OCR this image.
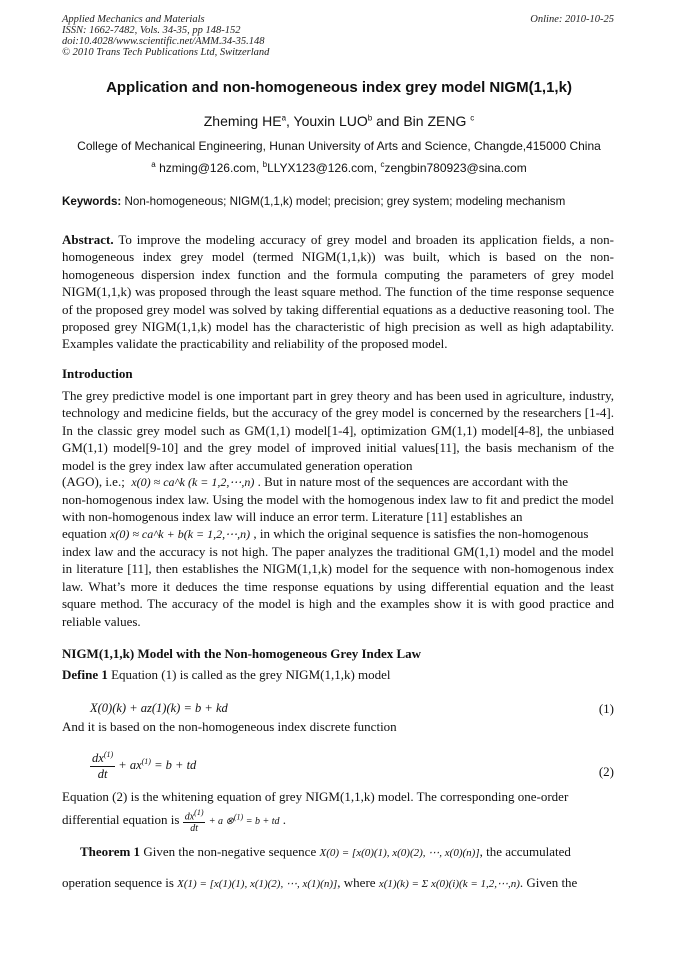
Applied Mechanics and Materials
ISSN: 1662-7482, Vols. 34-35, pp 148-152
doi:10.4028/www.scientific.net/AMM.34-35.148
© 2010 Trans Tech Publications Ltd, Switzerland
Online: 2010-10-25
Application and non-homogeneous index grey model NIGM(1,1,k)
Zheming $HE^a$, Youxin LUO$^b$ and Bin ZENG $^c$
College of Mechanical Engineering, Hunan University of Arts and Science, Changde,415000 China
$^a$ hzming@126.com, $^b$LLYX123@126.com, $^c$zengbin780923@sina.com
Keywords: Non-homogeneous; NIGM(1,1,k) model; precision; grey system; modeling mechanism
Abstract. To improve the modeling accuracy of grey model and broaden its application fields, a non-homogeneous index grey model (termed NIGM(1,1,k)) was built, which is based on the non-homogeneous dispersion index function and the formula computing the parameters of grey model NIGM(1,1,k) was proposed through the least square method. The function of the time response sequence of the proposed grey model was solved by taking differential equations as a deductive reasoning tool. The proposed grey NIGM(1,1,k) model has the characteristic of high precision as well as high adaptability. Examples validate the practicability and reliability of the proposed model.
Introduction
The grey predictive model is one important part in grey theory and has been used in agriculture, industry, technology and medicine fields, but the accuracy of the grey model is concerned by the researchers [1-4]. In the classic grey model such as GM(1,1) model[1-4], optimization GM(1,1) model[4-8], the unbiased GM(1,1) model[9-10] and the grey model of improved initial values[11], the basis mechanism of the model is the grey index law after accumulated generation operation
(AGO), i.e.; x(0) ≈ ca^k (k = 1,2,⋯,n) . But in nature most of the sequences are accordant with the
non-homogenous index law. Using the model with the homogenous index law to fit and predict the model with non-homogenous index law will induce an error term. Literature [11] establishes an
equation x(0) ≈ ca^k + b(k = 1,2,⋯,n) , in which the original sequence is satisfies the non-homogenous
index law and the accuracy is not high. The paper analyzes the traditional GM(1,1) model and the model in literature [11], then establishes the NIGM(1,1,k) model for the sequence with non-homogenous index law. What’s more it deduces the time response equations by using differential equation and the least square method. The accuracy of the model is high and the examples show it is with good practice and reliable values.
NIGM(1,1,k) Model with the Non-homogeneous Grey Index Law
Define 1 Equation (1) is called as the grey NIGM(1,1,k) model
X(0)(k) + az(1)(k) = b + kd	(1)
And it is based on the non-homogeneous index discrete function
$\frac{dx^{(1)}}{dt} + ax^{(1)} = b$ + td	(2)
Equation (2) is the whitening equation of grey NIGM(1,1,k) model. The corresponding one-order
differential equation is $\frac{dx^{(1)}}{dt} + a$ ⊗$^{(1)}$ = b + td .
Theorem 1 Given the non-negative sequence X(0) = [x(0)(1), x(0)(2), ⋯, x(0)(n)], the accumulated
operation sequence is X(1) = [x(1)(1), x(1)(2), ⋯, x(1)(n)], where x(1)(k) = Σ x(0)(i)(k = 1,2,⋯,n). Given the
